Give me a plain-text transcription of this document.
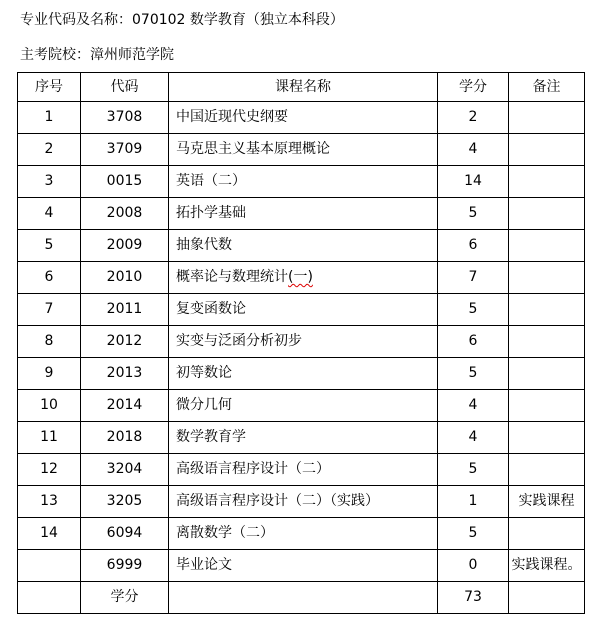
专业代码及名称：070102 数学教育（独立本科段）
主考院校：漳州师范学院
序号	代码	课程名称	学分	备注
1	3708	中国近现代史纲要	2	
2	3709	马克思主义基本原理概论	4	
3	0015	英语（二）	14	
4	2008	拓扑学基础	5	
5	2009	抽象代数	6	
6	2010	概率论与数理统计(一)	7	
7	2011	复变函数论	5	
8	2012	实变与泛函分析初步	6	
9	2013	初等数论	5	
10	2014	微分几何	4	
11	2018	数学教育学	4	
12	3204	高级语言程序设计（二）	5	
13	3205	高级语言程序设计（二）（实践）	1	实践课程
14	6094	离散数学（二）	5	
	6999	毕业论文	0	实践课程。
	学分		73	
